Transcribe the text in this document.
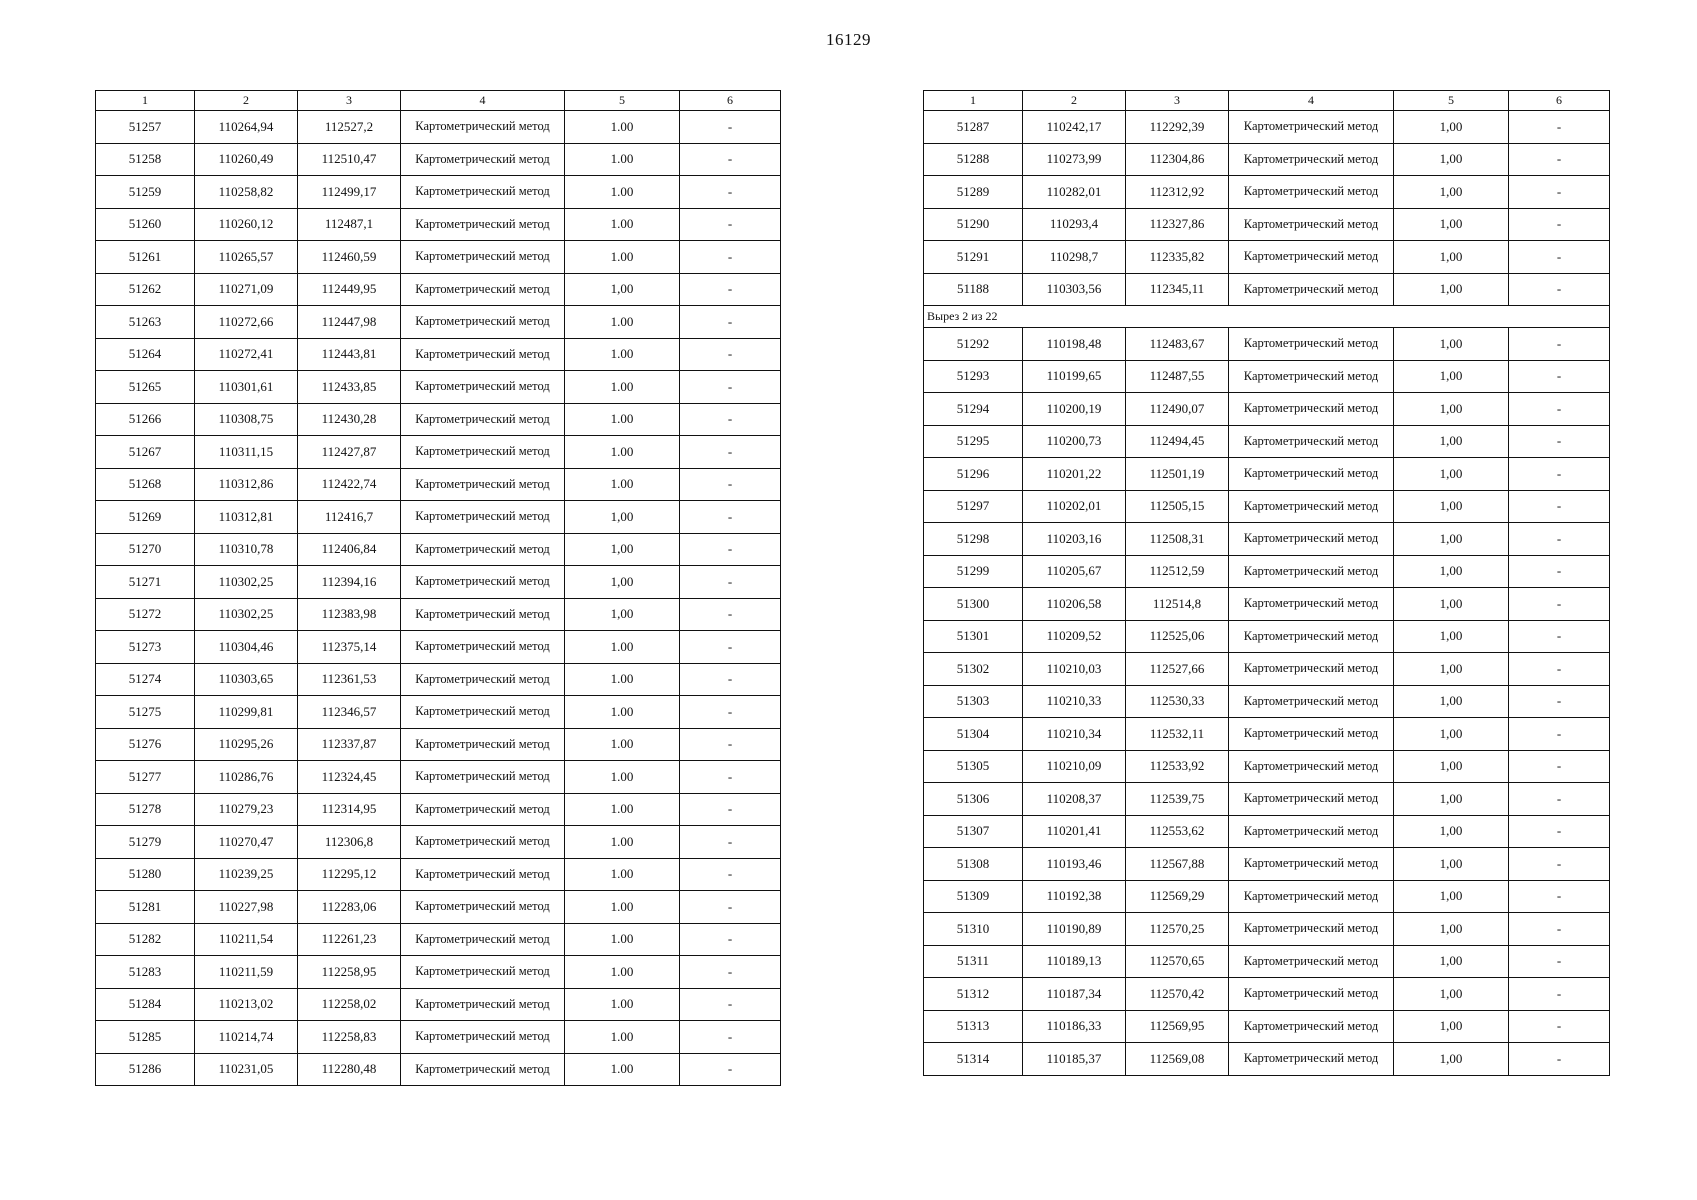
16129
1	2	3	4	5	6
51257	110264,94	112527,2	Картометрический метод	1.00	-
51258	110260,49	112510,47	Картометрический метод	1.00	-
51259	110258,82	112499,17	Картометрический метод	1.00	-
51260	110260,12	112487,1	Картометрический метод	1.00	-
51261	110265,57	112460,59	Картометрический метод	1.00	-
51262	110271,09	112449,95	Картометрический метод	1,00	-
51263	110272,66	112447,98	Картометрический метод	1.00	-
51264	110272,41	112443,81	Картометрический метод	1.00	-
51265	110301,61	112433,85	Картометрический метод	1.00	-
51266	110308,75	112430,28	Картометрический метод	1.00	-
51267	110311,15	112427,87	Картометрический метод	1.00	-
51268	110312,86	112422,74	Картометрический метод	1.00	-
51269	110312,81	112416,7	Картометрический метод	1,00	-
51270	110310,78	112406,84	Картометрический метод	1,00	-
51271	110302,25	112394,16	Картометрический метод	1,00	-
51272	110302,25	112383,98	Картометрический метод	1,00	-
51273	110304,46	112375,14	Картометрический метод	1.00	-
51274	110303,65	112361,53	Картометрический метод	1.00	-
51275	110299,81	112346,57	Картометрический метод	1.00	-
51276	110295,26	112337,87	Картометрический метод	1.00	-
51277	110286,76	112324,45	Картометрический метод	1.00	-
51278	110279,23	112314,95	Картометрический метод	1.00	-
51279	110270,47	112306,8	Картометрический метод	1.00	-
51280	110239,25	112295,12	Картометрический метод	1.00	-
51281	110227,98	112283,06	Картометрический метод	1.00	-
51282	110211,54	112261,23	Картометрический метод	1.00	-
51283	110211,59	112258,95	Картометрический метод	1.00	-
51284	110213,02	112258,02	Картометрический метод	1.00	-
51285	110214,74	112258,83	Картометрический метод	1.00	-
51286	110231,05	112280,48	Картометрический метод	1.00	-
1	2	3	4	5	6
51287	110242,17	112292,39	Картометрический метод	1,00	-
51288	110273,99	112304,86	Картометрический метод	1,00	-
51289	110282,01	112312,92	Картометрический метод	1,00	-
51290	110293,4	112327,86	Картометрический метод	1,00	-
51291	110298,7	112335,82	Картометрический метод	1,00	-
51188	110303,56	112345,11	Картометрический метод	1,00	-
Вырез 2 из 22					
51292	110198,48	112483,67	Картометрический метод	1,00	-
51293	110199,65	112487,55	Картометрический метод	1,00	-
51294	110200,19	112490,07	Картометрический метод	1,00	-
51295	110200,73	112494,45	Картометрический метод	1,00	-
51296	110201,22	112501,19	Картометрический метод	1,00	-
51297	110202,01	112505,15	Картометрический метод	1,00	-
51298	110203,16	112508,31	Картометрический метод	1,00	-
51299	110205,67	112512,59	Картометрический метод	1,00	-
51300	110206,58	112514,8	Картометрический метод	1,00	-
51301	110209,52	112525,06	Картометрический метод	1,00	-
51302	110210,03	112527,66	Картометрический метод	1,00	-
51303	110210,33	112530,33	Картометрический метод	1,00	-
51304	110210,34	112532,11	Картометрический метод	1,00	-
51305	110210,09	112533,92	Картометрический метод	1,00	-
51306	110208,37	112539,75	Картометрический метод	1,00	-
51307	110201,41	112553,62	Картометрический метод	1,00	-
51308	110193,46	112567,88	Картометрический метод	1,00	-
51309	110192,38	112569,29	Картометрический метод	1,00	-
51310	110190,89	112570,25	Картометрический метод	1,00	-
51311	110189,13	112570,65	Картометрический метод	1,00	-
51312	110187,34	112570,42	Картометрический метод	1,00	-
51313	110186,33	112569,95	Картометрический метод	1,00	-
51314	110185,37	112569,08	Картометрический метод	1,00	-
